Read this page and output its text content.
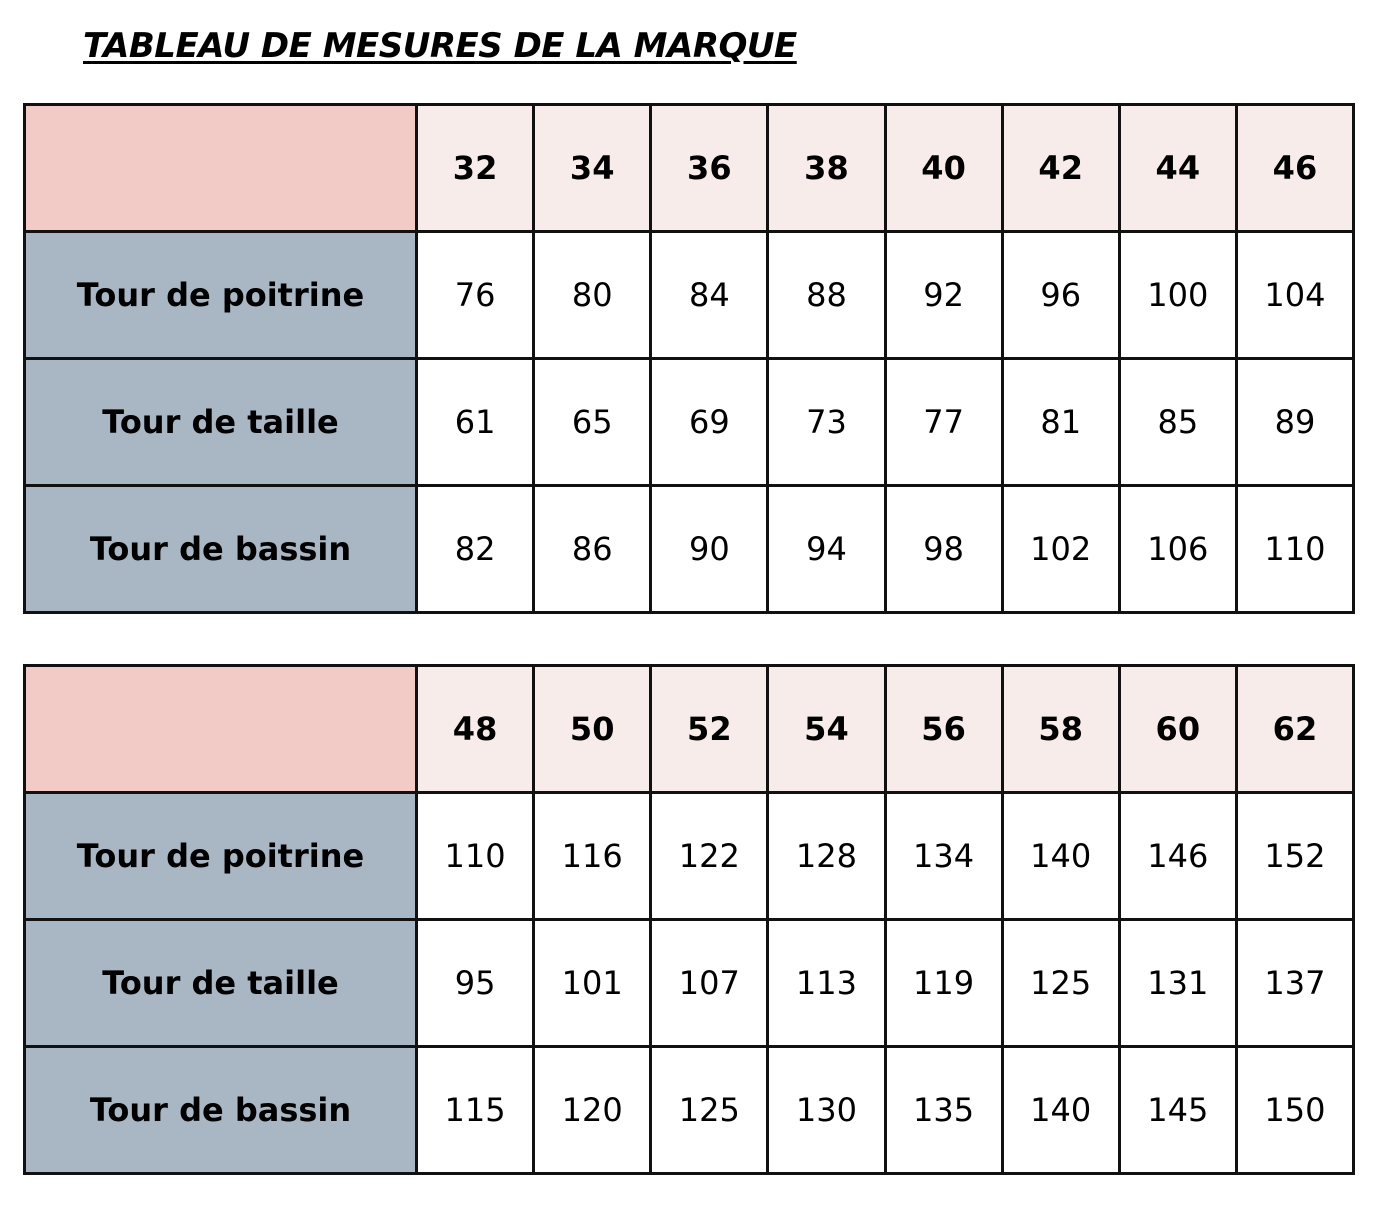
TABLEAU DE MESURES DE LA MARQUE
	32	34	36	38	40	42	44	46
Tour de poitrine	76	80	84	88	92	96	100	104
Tour de taille	61	65	69	73	77	81	85	89
Tour de bassin	82	86	90	94	98	102	106	110
	48	50	52	54	56	58	60	62
Tour de poitrine	110	116	122	128	134	140	146	152
Tour de taille	95	101	107	113	119	125	131	137
Tour de bassin	115	120	125	130	135	140	145	150
